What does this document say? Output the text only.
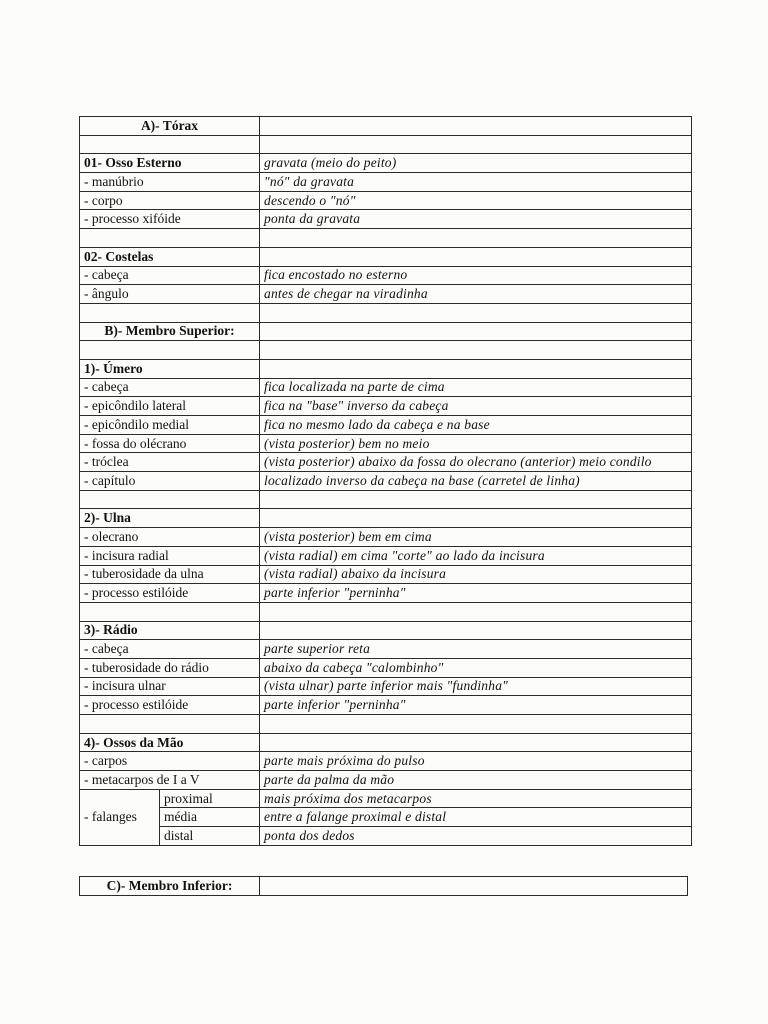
A)- Tórax		

01- Osso Esterno		gravata (meio do peito)
- manúbrio		"nó" da gravata
- corpo		descendo o "nó"
- processo xifóide		ponta da gravata

02- Costelas		
- cabeça		fica encostado no esterno
- ângulo		antes de chegar na viradinha

B)- Membro Superior:		

1)- Úmero		
- cabeça		fica localizada na parte de cima
- epicôndilo lateral		fica na "base" inverso da cabeça
- epicôndilo medial		fica no mesmo lado da cabeça e na base
- fossa do olécrano		(vista posterior) bem no meio
- tróclea		(vista posterior) abaixo da fossa do olecrano (anterior) meio condilo
- capítulo		localizado inverso da cabeça na base (carretel de linha)

2)- Ulna		
- olecrano		(vista posterior) bem em cima
- incisura radial		(vista radial) em cima "corte" ao lado da incisura
- tuberosidade da ulna		(vista radial) abaixo da incisura
- processo estilóide		parte inferior "perninha"

3)- Rádio		
- cabeça		parte superior reta
- tuberosidade do rádio		abaixo da cabeça "calombinho"
- incisura ulnar		(vista ulnar) parte inferior mais "fundinha"
- processo estilóide		parte inferior "perninha"

4)- Ossos da Mão		
- carpos		parte mais próxima do pulso
- metacarpos de I a V		parte da palma da mão
- falanges	proximal	mais próxima dos metacarpos
	média	entre a falange proximal e distal
	distal	ponta dos dedos
C)- Membro Inferior:	
